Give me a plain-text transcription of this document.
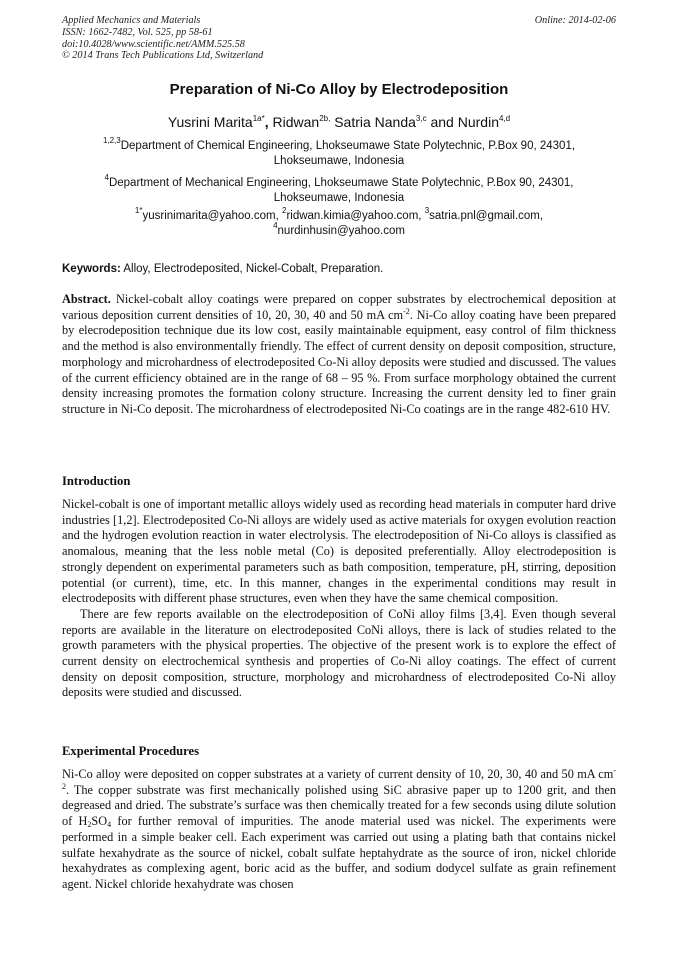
Applied Mechanics and Materials
ISSN: 1662-7482, Vol. 525, pp 58-61
doi:10.4028/www.scientific.net/AMM.525.58
© 2014 Trans Tech Publications Ltd, Switzerland
Online: 2014-02-06
Preparation of Ni-Co Alloy by Electrodeposition
Yusrini Marita$^{1a*}$, Ridwan$^{2b,}$ Satria Nanda$^{3,c}$ and Nurdin$^{4,d}$
$^{1,2,3}$Department of Chemical Engineering, Lhokseumawe State Polytechnic, P.Box 90, 24301,
Lhokseumawe, Indonesia
$^4$Department of Mechanical Engineering, Lhokseumawe State Polytechnic, P.Box 90, 24301,
Lhokseumawe, Indonesia
$^{1*}$yusrinimarita@yahoo.com, $^2$ridwan.kimia@yahoo.com, $^3$satria.pnl@gmail.com,
$^4$nurdinhusin@yahoo.com
Keywords: Alloy, Electrodeposited, Nickel-Cobalt, Preparation.
Abstract. Nickel-cobalt alloy coatings were prepared on copper substrates by electrochemical deposition at various deposition current densities of 10, 20, 30, 40 and 50 mA $cm^{-2}$. Ni-Co alloy coating have been prepared by elecrodeposition technique due its low cost, easily maintainable equipment, easy control of film thickness and the method is also environmentally friendly. The effect of current density on deposit composition, structure, morphology and microhardness of electrodeposited Co-Ni alloy deposits were studied and discussed. The values of the current efficiency obtained are in the range of 68 – 95 %. From surface morphology obtained the current density increasing promotes the formation colony structure. Increasing the current density led to finer grain structure in Ni-Co deposit. The microhardness of electrodeposited Ni-Co coatings are in the range 482-610 HV.
Introduction

Nickel-cobalt is one of important metallic alloys widely used as recording head materials in computer hard drive industries [1,2]. Electrodeposited Co-Ni alloys are widely used as active materials for oxygen evolution reaction and the hydrogen evolution reaction in water electrolysis. The electrodeposition of Ni-Co alloys is classified as anomalous, meaning that the less noble metal (Co) is deposited preferentially. Alloy electrodeposition is strongly dependent on experimental parameters such as bath composition, temperature, pH, stirring, deposition potential (or current), time, etc. In this manner, changes in the experimental conditions may result in electrodeposits with different phase structures, even when they have the same chemical composition.

There are few reports available on the electrodeposition of CoNi alloy films [3,4]. Even though several reports are available in the literature on electrodeposited CoNi alloys, there is lack of studies related to the growth parameters with the physical properties. The objective of the present work is to explore the effect of current density on electrochemical synthesis and properties of Co-Ni alloy coatings. The effect of current density on deposit composition, structure, morphology and microhardness of electrodeposited Co-Ni alloy deposits were studied and discussed.

Experimental Procedures
Ni-Co alloy were deposited on copper substrates at a variety of current density of 10, 20, 30, 40 and 50 mA $cm^{-2}$. The copper substrate was first mechanically polished using SiC abrasive paper up to 1200 grit, and then degreased and dried. The substrate’s surface was then chemically treated for a few seconds using dilute solution of $H_2SO_4$ for further removal of impurities. The anode material used was nickel. The experiments were performed in a simple beaker cell. Each experiment was carried out using a plating bath that contains nickel sulfate hexahydrate as the source of nickel, cobalt sulfate heptahydrate as the source of iron, nickel chloride hexahydrates as complexing agent, boric acid as the buffer, and sodium dodycel sulfate as grain refinement agent. Nickel chloride hexahydrate was chosen
